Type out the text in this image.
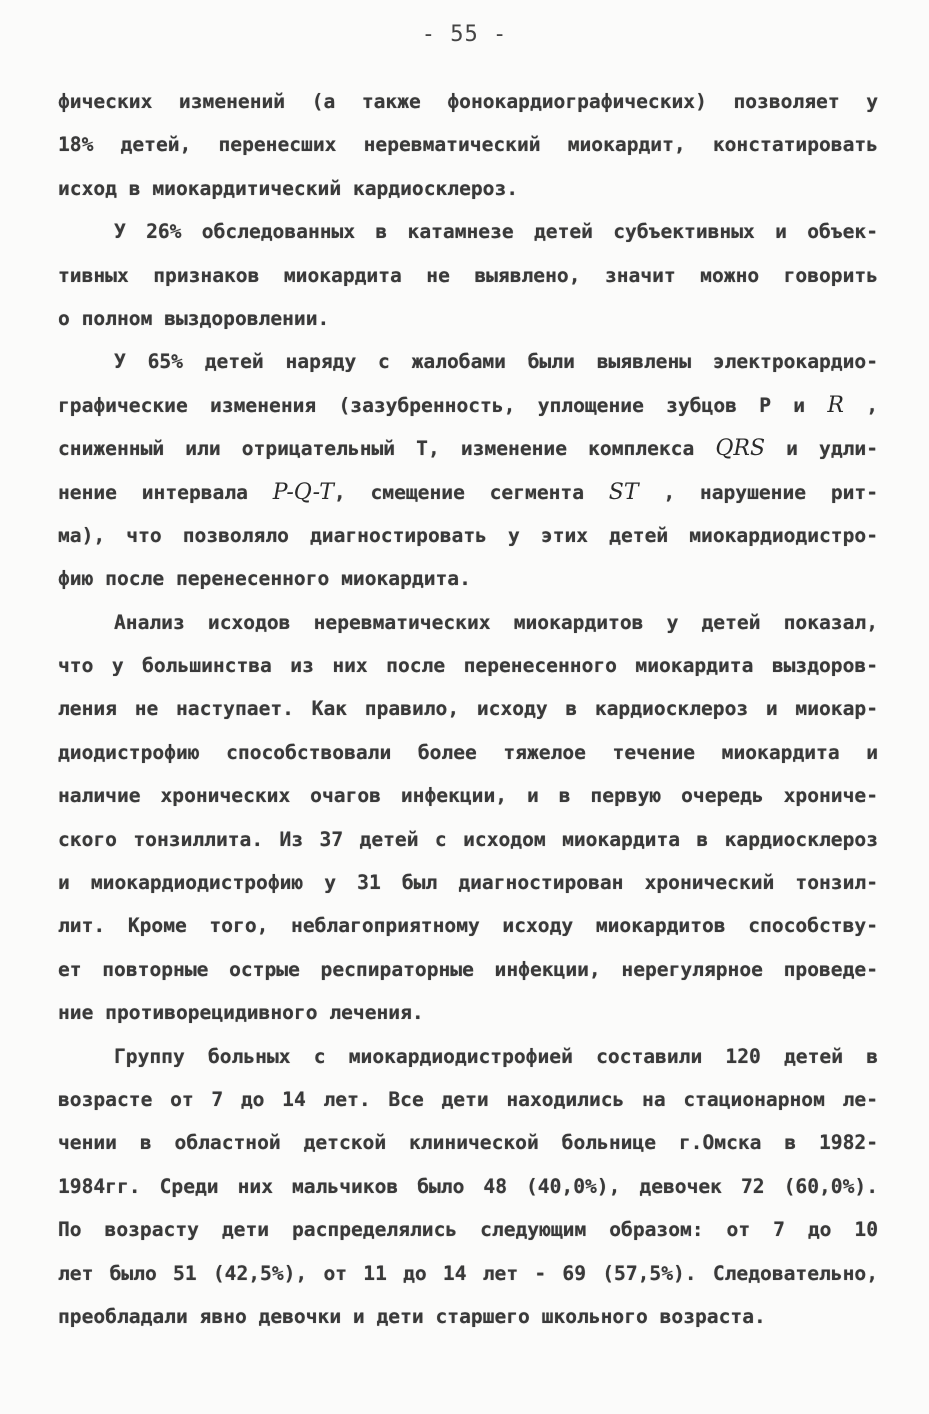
- 55 -
фических изменений (а также фонокардиографических) позволяет у
18% детей, перенесших неревматический миокардит, констатировать
исход в миокардитический кардиосклероз.
У 26% обследованных в катамнезе детей субъективных и объек-
тивных признаков миокардита не выявлено, значит можно говорить
о полном выздоровлении.
У 65% детей наряду с жалобами были выявлены электрокардио-
графические изменения (зазубренность, уплощение зубцов P и R ,
сниженный или отрицательный T, изменение комплекса QRS и удли-
нение интервала P-Q-T, смещение сегмента ST , нарушение рит-
ма), что позволяло диагностировать у этих детей миокардиодистро-
фию после перенесенного миокардита.
Анализ исходов неревматических миокардитов у детей показал,
что у большинства из них после перенесенного миокардита выздоров-
ления не наступает. Как правило, исходу в кардиосклероз и миокар-
диодистрофию способствовали более тяжелое течение миокардита и
наличие хронических очагов инфекции, и в первую очередь хрониче-
ского тонзиллита. Из 37 детей с исходом миокардита в кардиосклероз
и миокардиодистрофию у 31 был диагностирован хронический тонзил-
лит. Кроме того, неблагоприятному исходу миокардитов способству-
ет повторные острые респираторные инфекции, нерегулярное проведе-
ние противорецидивного лечения.
Группу больных с миокардиодистрофией составили 120 детей в
возрасте от 7 до 14 лет. Все дети находились на стационарном ле-
чении в областной детской клинической больнице г.Омска в 1982-
1984гг. Среди них мальчиков было 48 (40,0%), девочек 72 (60,0%).
По возрасту дети распределялись следующим образом: от 7 до 10
лет было 51 (42,5%), от 11 до 14 лет - 69 (57,5%). Следовательно,
преобладали явно девочки и дети старшего школьного возраста.
